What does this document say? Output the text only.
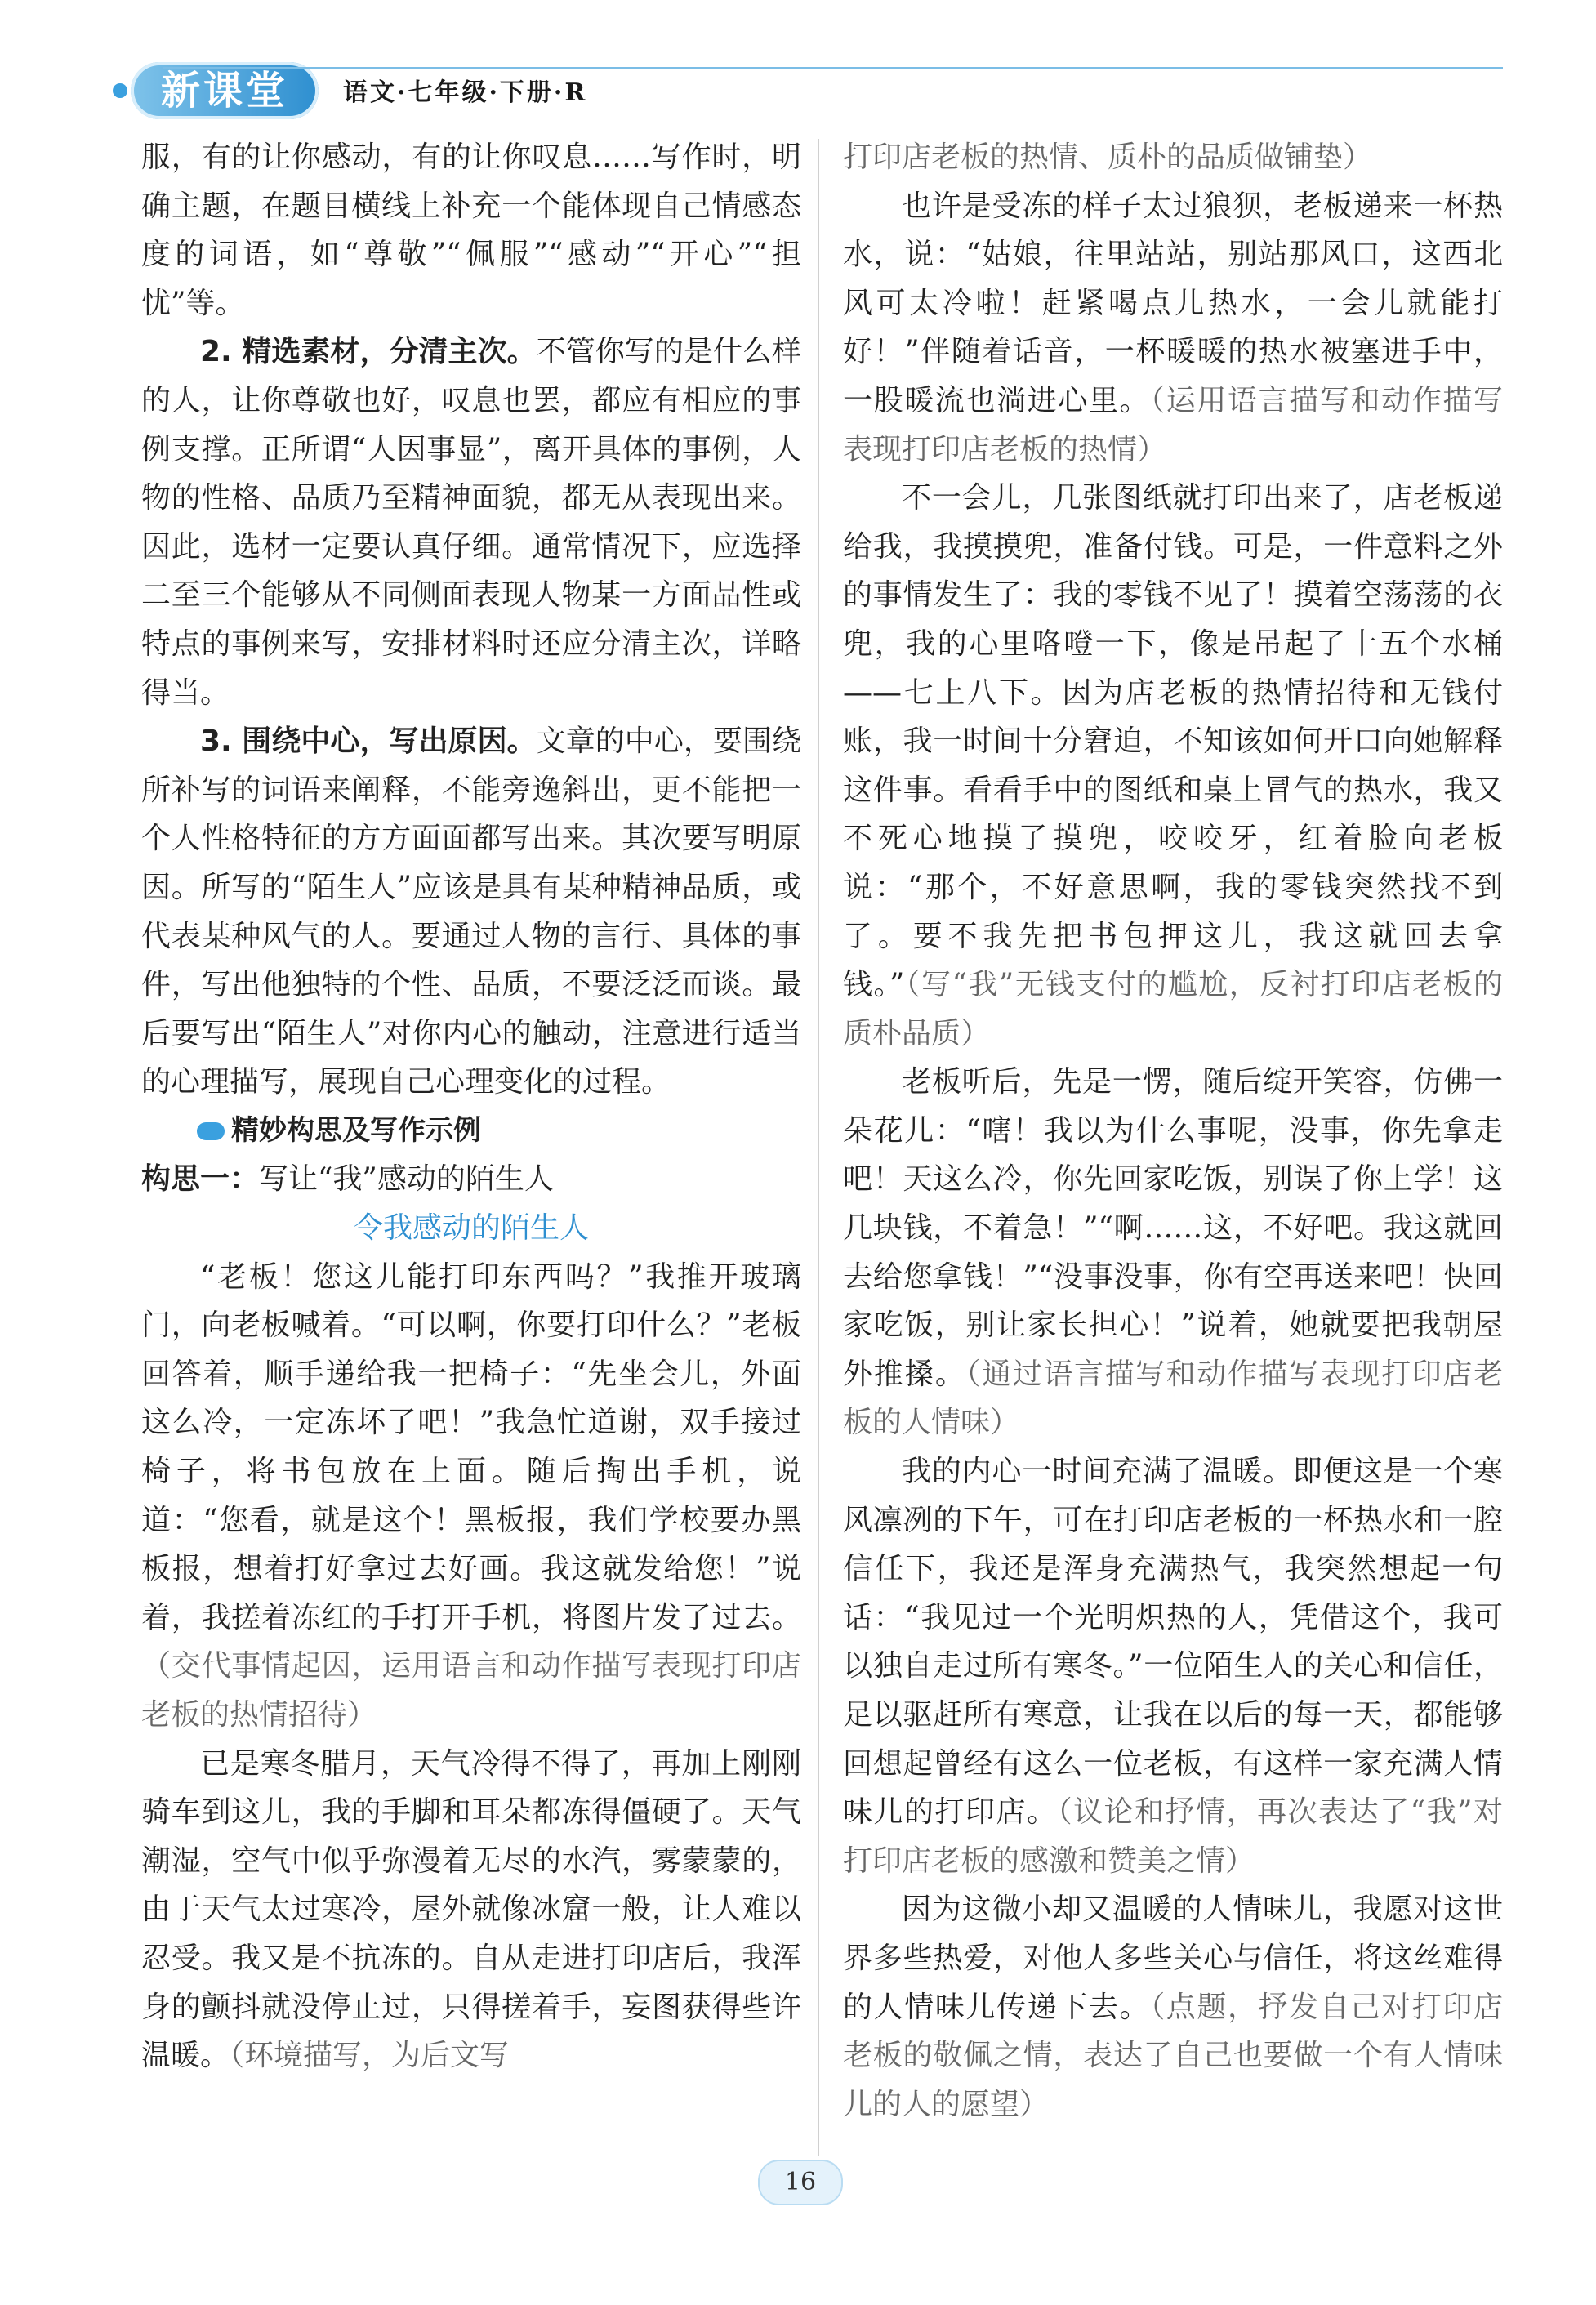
新课堂	语文·七年级·下册·R

服，有的让你感动，有的让你叹息……写作时，明确主题，在题目横线上补充一个能体现自己情感态度的词语，如“尊敬”“佩服”“感动”“开心”“担忧”等。

2. 精选素材，分清主次。不管你写的是什么样的人，让你尊敬也好，叹息也罢，都应有相应的事例支撑。正所谓“人因事显”，离开具体的事例，人物的性格、品质乃至精神面貌，都无从表现出来。因此，选材一定要认真仔细。通常情况下，应选择二至三个能够从不同侧面表现人物某一方面品性或特点的事例来写，安排材料时还应分清主次，详略得当。

3. 围绕中心，写出原因。文章的中心，要围绕所补写的词语来阐释，不能旁逸斜出，更不能把一个人性格特征的方方面面都写出来。其次要写明原因。所写的“陌生人”应该是具有某种精神品质，或代表某种风气的人。要通过人物的言行、具体的事件，写出他独特的个性、品质，不要泛泛而谈。最后要写出“陌生人”对你内心的触动，注意进行适当的心理描写，展现自己心理变化的过程。

精妙构思及写作示例

构思一：写让“我”感动的陌生人

令我感动的陌生人

“老板！您这儿能打印东西吗？”我推开玻璃门，向老板喊着。“可以啊，你要打印什么？”老板回答着，顺手递给我一把椅子：“先坐会儿，外面这么冷，一定冻坏了吧！”我急忙道谢，双手接过椅子，将书包放在上面。随后掏出手机，说道：“您看，就是这个！黑板报，我们学校要办黑板报，想着打好拿过去好画。我这就发给您！”说着，我搓着冻红的手打开手机，将图片发了过去。（交代事情起因，运用语言和动作描写表现打印店老板的热情招待）

已是寒冬腊月，天气冷得不得了，再加上刚刚骑车到这儿，我的手脚和耳朵都冻得僵硬了。天气潮湿，空气中似乎弥漫着无尽的水汽，雾蒙蒙的，由于天气太过寒冷，屋外就像冰窟一般，让人难以忍受。我又是不抗冻的。自从走进打印店后，我浑身的颤抖就没停止过，只得搓着手，妄图获得些许温暖。（环境描写，为后文写

打印店老板的热情、质朴的品质做铺垫）

也许是受冻的样子太过狼狈，老板递来一杯热水，说：“姑娘，往里站站，别站那风口，这西北风可太冷啦！赶紧喝点儿热水，一会儿就能打好！”伴随着话音，一杯暖暖的热水被塞进手中，一股暖流也淌进心里。（运用语言描写和动作描写表现打印店老板的热情）

不一会儿，几张图纸就打印出来了，店老板递给我，我摸摸兜，准备付钱。可是，一件意料之外的事情发生了：我的零钱不见了！摸着空荡荡的衣兜，我的心里咯噔一下，像是吊起了十五个水桶——七上八下。因为店老板的热情招待和无钱付账，我一时间十分窘迫，不知该如何开口向她解释这件事。看看手中的图纸和桌上冒气的热水，我又不死心地摸了摸兜，咬咬牙，红着脸向老板说：“那个，不好意思啊，我的零钱突然找不到了。要不我先把书包押这儿，我这就回去拿钱。”（写“我”无钱支付的尴尬，反衬打印店老板的质朴品质）

老板听后，先是一愣，随后绽开笑容，仿佛一朵花儿：“嗐！我以为什么事呢，没事，你先拿走吧！天这么冷，你先回家吃饭，别误了你上学！这几块钱，不着急！”“啊……这，不好吧。我这就回去给您拿钱！”“没事没事，你有空再送来吧！快回家吃饭，别让家长担心！”说着，她就要把我朝屋外推搡。（通过语言描写和动作描写表现打印店老板的人情味）

我的内心一时间充满了温暖。即便这是一个寒风凛冽的下午，可在打印店老板的一杯热水和一腔信任下，我还是浑身充满热气，我突然想起一句话：“我见过一个光明炽热的人，凭借这个，我可以独自走过所有寒冬。”一位陌生人的关心和信任，足以驱赶所有寒意，让我在以后的每一天，都能够回想起曾经有这么一位老板，有这样一家充满人情味儿的打印店。（议论和抒情，再次表达了“我”对打印店老板的感激和赞美之情）

因为这微小却又温暖的人情味儿，我愿对这世界多些热爱，对他人多些关心与信任，将这丝难得的人情味儿传递下去。（点题，抒发自己对打印店老板的敬佩之情，表达了自己也要做一个有人情味儿的人的愿望）

16
